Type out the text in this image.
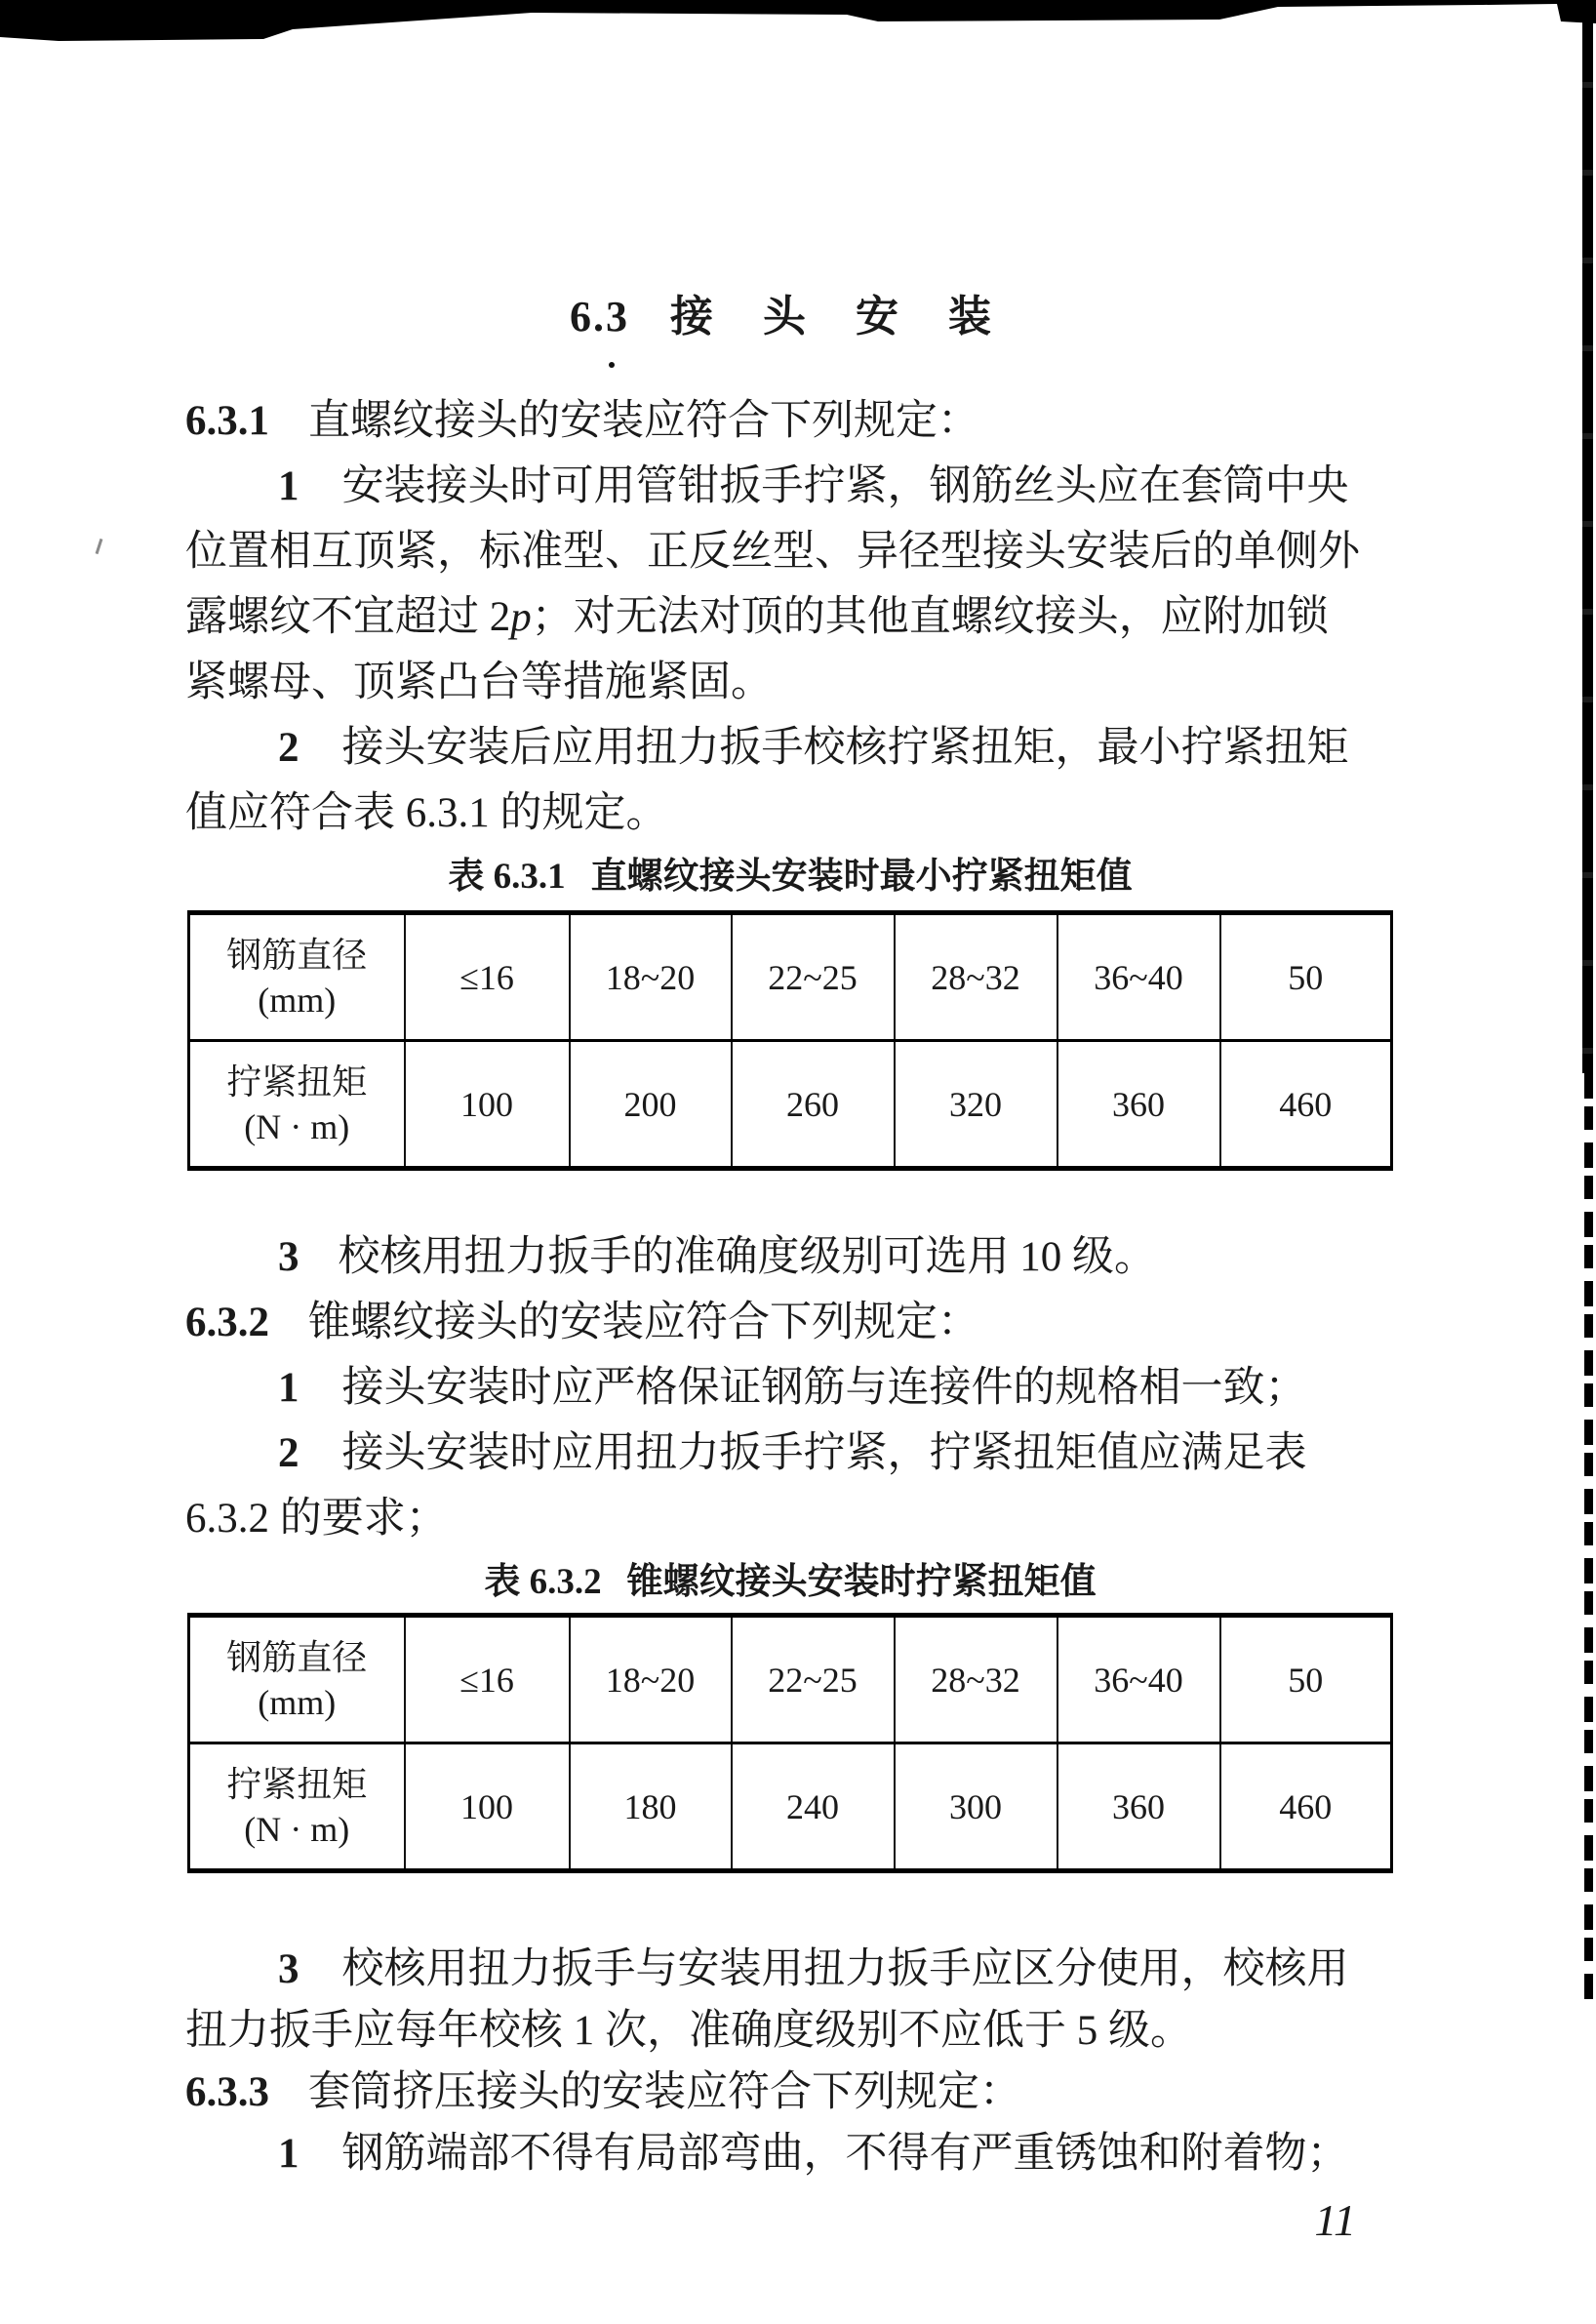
6.3 接 头 安 装

6.3.1 直螺纹接头的安装应符合下列规定：

1 安装接头时可用管钳扳手拧紧，钢筋丝头应在套筒中央

位置相互顶紧，标准型、正反丝型、异径型接头安装后的单侧外

露螺纹不宜超过 2p；对无法对顶的其他直螺纹接头，应附加锁

紧螺母、顶紧凸台等措施紧固。

2 接头安装后应用扭力扳手校核拧紧扭矩，最小拧紧扭矩

值应符合表 6.3.1 的规定。

表 6.3.1 直螺纹接头安装时最小拧紧扭矩值
钢筋直径
(mm)	≤16	18~20	22~25	28~32	36~40	50

拧紧扭矩
(N · m)	100	200	260	320	360	460

3 校核用扭力扳手的准确度级别可选用 10 级。

6.3.2 锥螺纹接头的安装应符合下列规定：

1 接头安装时应严格保证钢筋与连接件的规格相一致；

2 接头安装时应用扭力扳手拧紧，拧紧扭矩值应满足表

6.3.2 的要求；

表 6.3.2 锥螺纹接头安装时拧紧扭矩值
钢筋直径
(mm)	≤16	18~20	22~25	28~32	36~40	50

拧紧扭矩
(N · m)	100	180	240	300	360	460

3 校核用扭力扳手与安装用扭力扳手应区分使用，校核用

扭力扳手应每年校核 1 次，准确度级别不应低于 5 级。

6.3.3 套筒挤压接头的安装应符合下列规定：

1 钢筋端部不得有局部弯曲，不得有严重锈蚀和附着物；

11
